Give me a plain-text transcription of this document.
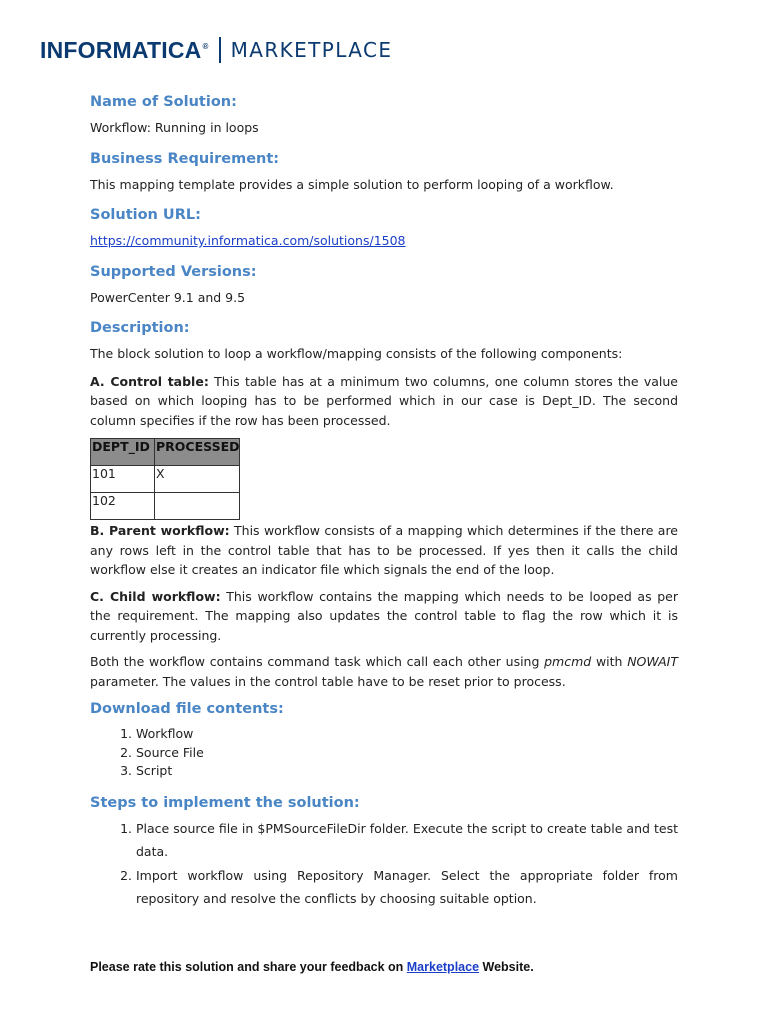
INFORMATICA® MARKETPLACE
Name of Solution:

Workflow: Running in loops

Business Requirement:

This mapping template provides a simple solution to perform looping of a workflow.

Solution URL:

https://community.informatica.com/solutions/1508

Supported Versions:

PowerCenter 9.1 and 9.5

Description:

The block solution to loop a workflow/mapping consists of the following components:

A. Control table: This table has at a minimum two columns, one column stores the value based on which looping has to be performed which in our case is Dept_ID. The second column specifies if the row has been processed.

DEPT_ID	PROCESSED
101	X
102	

B. Parent workflow: This workflow consists of a mapping which determines if the there are any rows left in the control table that has to be processed. If yes then it calls the child workflow else it creates an indicator file which signals the end of the loop.

C. Child workflow: This workflow contains the mapping which needs to be looped as per the requirement. The mapping also updates the control table to flag the row which it is currently processing.

Both the workflow contains command task which call each other using pmcmd with NOWAIT parameter. The values in the control table have to be reset prior to process.

Download file contents:
1. Workflow
2. Source File
3. Script
Steps to implement the solution:
1. Place source file in $PMSourceFileDir folder. Execute the script to create table and test data.
2. Import workflow using Repository Manager. Select the appropriate folder from repository and resolve the conflicts by choosing suitable option.
Please rate this solution and share your feedback on Marketplace Website.
